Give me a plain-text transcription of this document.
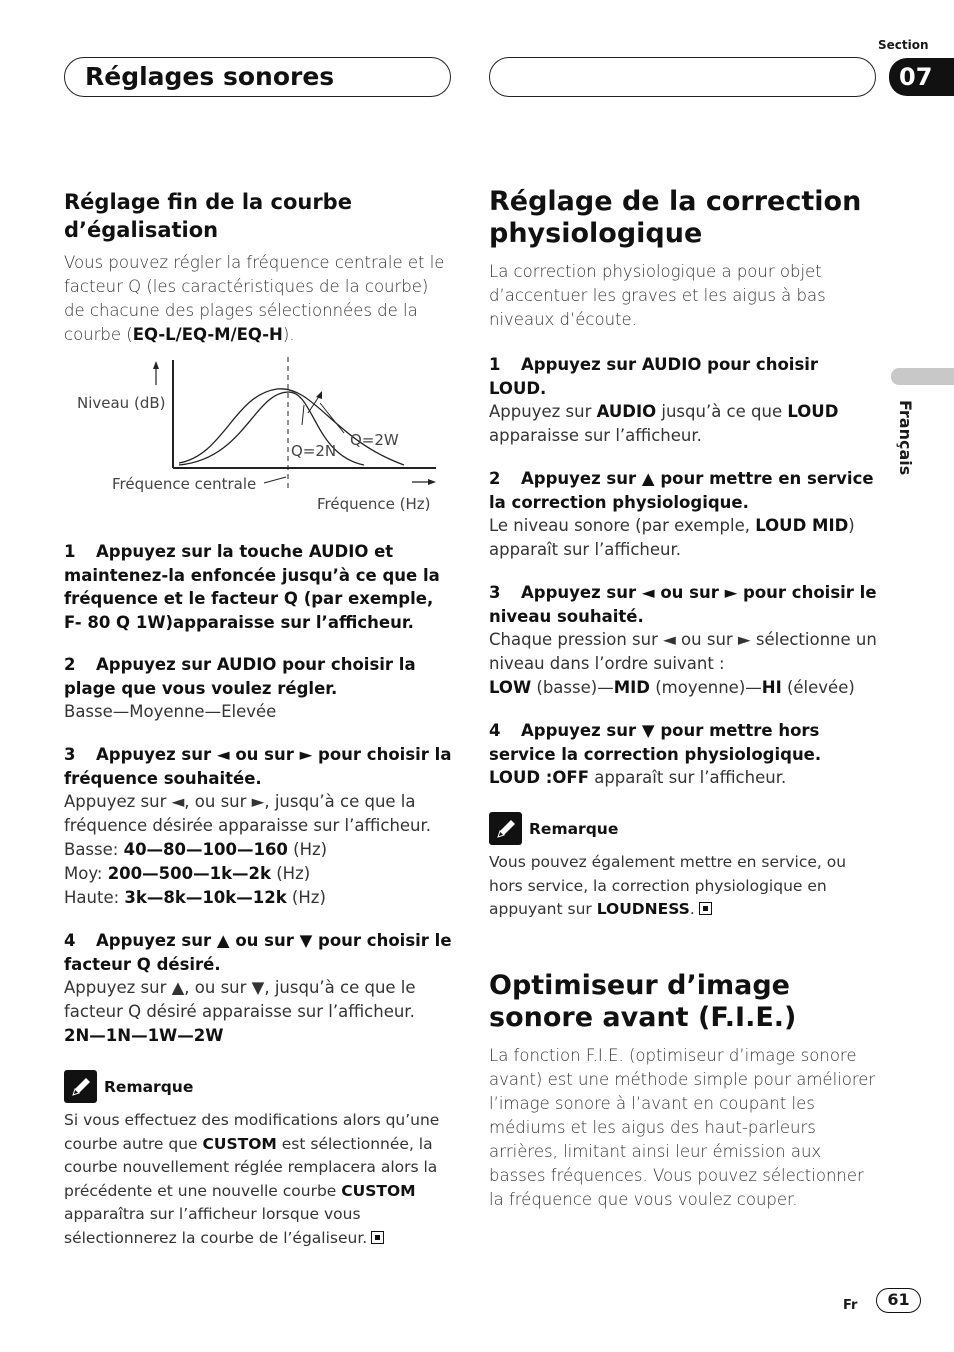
Réglages sonores
Section
07
Français
Réglage fin de la courbe d’égalisation

Vous pouvez régler la fréquence centrale et le facteur Q (les caractéristiques de la courbe) de chacune des plages sélectionnées de la courbe (EQ-L/EQ-M/EQ-H).

Niveau (dB)
Fréquence centrale
Fréquence (Hz)
Q=2N
Q=2W

1 Appuyez sur la touche AUDIO et maintenez-la enfoncée jusqu’à ce que la fréquence et le facteur Q (par exemple, F- 80 Q 1W)apparaisse sur l’afficheur.

2 Appuyez sur AUDIO pour choisir la plage que vous voulez régler.

Basse—Moyenne—Elevée

3 Appuyez sur ◄ ou sur ► pour choisir la fréquence souhaitée.

Appuyez sur ◄, ou sur ►, jusqu’à ce que la fréquence désirée apparaisse sur l’afficheur.

Basse: 40—80—100—160 (Hz)

Moy: 200—500—1k—2k (Hz)

Haute: 3k—8k—10k—12k (Hz)

4 Appuyez sur ▲ ou sur ▼ pour choisir le facteur Q désiré.

Appuyez sur ▲, ou sur ▼, jusqu’à ce que le facteur Q désiré apparaisse sur l’afficheur.

2N—1N—1W—2W

Remarque
Si vous effectuez des modifications alors qu’une courbe autre que CUSTOM est sélectionnée, la courbe nouvellement réglée remplacera alors la précédente et une nouvelle courbe CUSTOM apparaîtra sur l’afficheur lorsque vous sélectionnerez la courbe de l’égaliseur.
Réglage de la correction physiologique

La correction physiologique a pour objet d’accentuer les graves et les aigus à bas niveaux d’écoute.

1 Appuyez sur AUDIO pour choisir LOUD.

Appuyez sur AUDIO jusqu’à ce que LOUD apparaisse sur l’afficheur.

2 Appuyez sur ▲ pour mettre en service la correction physiologique.

Le niveau sonore (par exemple, LOUD MID) apparaît sur l’afficheur.

3 Appuyez sur ◄ ou sur ► pour choisir le niveau souhaité.

Chaque pression sur ◄ ou sur ► sélectionne un niveau dans l’ordre suivant :

LOW (basse)—MID (moyenne)—HI (élevée)

4 Appuyez sur ▼ pour mettre hors service la correction physiologique.

LOUD :OFF apparaît sur l’afficheur.

Remarque
Vous pouvez également mettre en service, ou hors service, la correction physiologique en appuyant sur LOUDNESS.
Optimiseur d’image sonore avant (F.I.E.)

La fonction F.I.E. (optimiseur d’image sonore avant) est une méthode simple pour améliorer l’image sonore à l’avant en coupant les médiums et les aigus des haut-parleurs arrières, limitant ainsi leur émission aux basses fréquences. Vous pouvez sélectionner la fréquence que vous voulez couper.

Fr	61
